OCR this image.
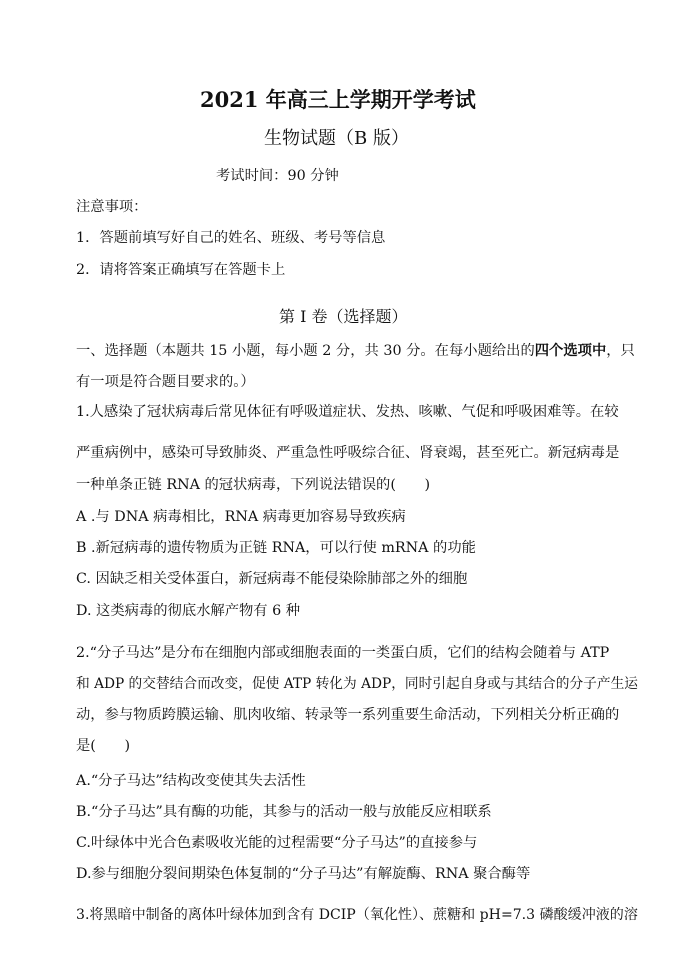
2021 年高三上学期开学考试
生物试题（B 版）
考试时间：90 分钟
注意事项：
1．答题前填写好自己的姓名、班级、考号等信息
2．请将答案正确填写在答题卡上
第 I 卷（选择题）
一、选择题（本题共 15 小题，每小题 2 分，共 30 分。在每小题给出的四个选项中，只
有一项是符合题目要求的。）
1.人感染了冠状病毒后常见体征有呼吸道症状、发热、咳嗽、气促和呼吸困难等。在较
严重病例中，感染可导致肺炎、严重急性呼吸综合征、肾衰竭，甚至死亡。新冠病毒是
一种单条正链 RNA 的冠状病毒，下列说法错误的(　　)
A .与 DNA 病毒相比，RNA 病毒更加容易导致疾病
B .新冠病毒的遗传物质为正链 RNA，可以行使 mRNA 的功能
C. 因缺乏相关受体蛋白，新冠病毒不能侵染除肺部之外的细胞
D. 这类病毒的彻底水解产物有 6 种
2.“分子马达”是分布在细胞内部或细胞表面的一类蛋白质，它们的结构会随着与 ATP
和 ADP 的交替结合而改变，促使 ATP 转化为 ADP，同时引起自身或与其结合的分子产生运
动，参与物质跨膜运输、肌肉收缩、转录等一系列重要生命活动，下列相关分析正确的
是(　　)
A.“分子马达”结构改变使其失去活性
B.“分子马达”具有酶的功能，其参与的活动一般与放能反应相联系
C.叶绿体中光合色素吸收光能的过程需要“分子马达”的直接参与
D.参与细胞分裂间期染色体复制的“分子马达”有解旋酶、RNA 聚合酶等
3.将黑暗中制备的离体叶绿体加到含有 DCIP（氧化性）、蔗糖和 pH=7.3 磷酸缓冲液的溶
